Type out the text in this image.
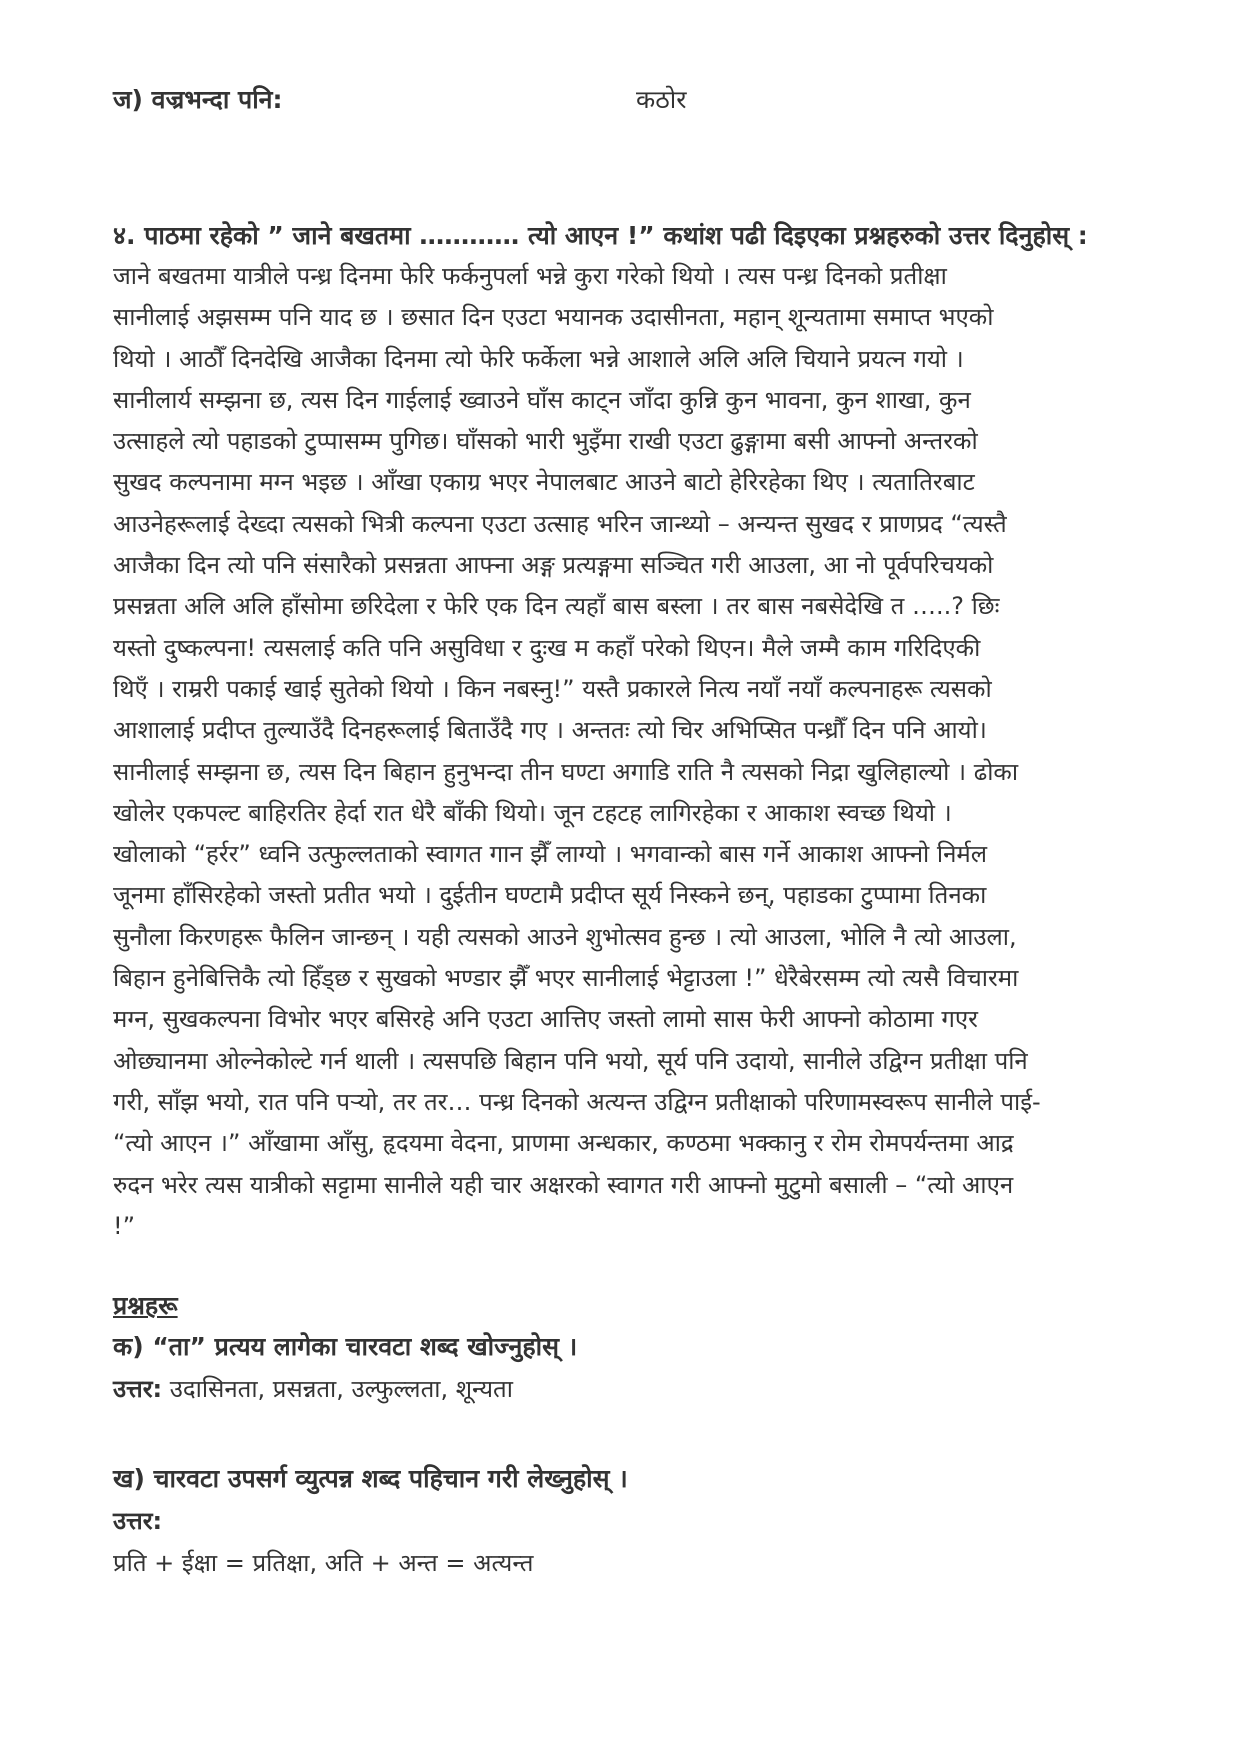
ज) वज्रभन्दा पनि:	कठोर
४. पाठमा रहेको ” जाने बखतमा ………… त्यो आएन !” कथांश पढी दिइएका प्रश्नहरुको उत्तर दिनुहोस् :

जाने बखतमा यात्रीले पन्ध्र दिनमा फेरि फर्कनुपर्ला भन्ने कुरा गरेको थियो । त्यस पन्ध्र दिनको प्रतीक्षा
सानीलाई अझसम्म पनि याद छ । छसात दिन एउटा भयानक उदासीनता, महान् शून्यतामा समाप्त भएको
थियो । आठौँ दिनदेखि आजैका दिनमा त्यो फेरि फर्केला भन्ने आशाले अलि अलि चियाने प्रयत्न गयो ।
सानीलार्य सम्झना छ, त्यस दिन गाईलाई ख्वाउने घाँस काट्न जाँदा कुन्नि कुन भावना, कुन शाखा, कुन
उत्साहले त्यो पहाडको टुप्पासम्म पुगिछ। घाँसको भारी भुइँमा राखी एउटा ढुङ्गामा बसी आफ्नो अन्तरको
सुखद कल्पनामा मग्न भइछ । आँखा एकाग्र भएर नेपालबाट आउने बाटो हेरिरहेका थिए । त्यतातिरबाट
आउनेहरूलाई देख्दा त्यसको भित्री कल्पना एउटा उत्साह भरिन जान्थ्यो – अन्यन्त सुखद र प्राणप्रद “त्यस्तै
आजैका दिन त्यो पनि संसारैको प्रसन्नता आफ्ना अङ्ग प्रत्यङ्गमा सञ्चित गरी आउला, आ नो पूर्वपरिचयको
प्रसन्नता अलि अलि हाँसोमा छरिदेला र फेरि एक दिन त्यहाँ बास बस्ला । तर बास नबसेदेखि त …..? छिः
यस्तो दुष्कल्पना! त्यसलाई कति पनि असुविधा र दुःख म कहाँ परेको थिएन। मैले जम्मै काम गरिदिएकी
थिएँ । राम्ररी पकाई खाई सुतेको थियो । किन नबस्नु!” यस्तै प्रकारले नित्य नयाँ नयाँ कल्पनाहरू त्यसको
आशालाई प्रदीप्त तुल्याउँदै दिनहरूलाई बिताउँदै गए । अन्ततः त्यो चिर अभिप्सित पन्ध्रौँ दिन पनि आयो।
सानीलाई सम्झना छ, त्यस दिन बिहान हुनुभन्दा तीन घण्टा अगाडि राति नै त्यसको निद्रा खुलिहाल्यो । ढोका
खोलेर एकपल्ट बाहिरतिर हेर्दा रात धेरै बाँकी थियो। जून टहटह लागिरहेका र आकाश स्वच्छ थियो ।
खोलाको “हर्रर” ध्वनि उत्फुल्लताको स्वागत गान झैँ लाग्यो । भगवान्को बास गर्ने आकाश आफ्नो निर्मल
जूनमा हाँसिरहेको जस्तो प्रतीत भयो । दुईतीन घण्टामै प्रदीप्त सूर्य निस्कने छन्, पहाडका टुप्पामा तिनका
सुनौला किरणहरू फैलिन जान्छन् । यही त्यसको आउने शुभोत्सव हुन्छ । त्यो आउला, भोलि नै त्यो आउला,
बिहान हुनेबित्तिकै त्यो हिँड्छ र सुखको भण्डार झैँ भएर सानीलाई भेट्टाउला !” धेरैबेरसम्म त्यो त्यसै विचारमा
मग्न, सुखकल्पना विभोर भएर बसिरहे अनि एउटा आत्तिए जस्तो लामो सास फेरी आफ्नो कोठामा गएर
ओछ्यानमा ओल्नेकोल्टे गर्न थाली । त्यसपछि बिहान पनि भयो, सूर्य पनि उदायो, सानीले उद्विग्न प्रतीक्षा पनि
गरी, साँझ भयो, रात पनि पऱ्यो, तर तर… पन्ध्र दिनको अत्यन्त उद्विग्न प्रतीक्षाको परिणामस्वरूप सानीले पाई-
“त्यो आएन ।” आँखामा आँसु, हृदयमा वेदना, प्राणमा अन्धकार, कण्ठमा भक्कानु र रोम रोमपर्यन्तमा आद्र
रुदन भरेर त्यस यात्रीको सट्टामा सानीले यही चार अक्षरको स्वागत गरी आफ्नो मुटुमो बसाली – “त्यो आएन
!”

प्रश्नहरू
क) “ता” प्रत्यय लागेका चारवटा शब्द खोज्नुहोस् ।
उत्तर: उदासिनता, प्रसन्नता, उल्फुल्लता, शून्यता
ख) चारवटा उपसर्ग व्युत्पन्न शब्द पहिचान गरी लेख्नुहोस् ।
उत्तर:
प्रति + ईक्षा = प्रतिक्षा, अति + अन्त = अत्यन्त
